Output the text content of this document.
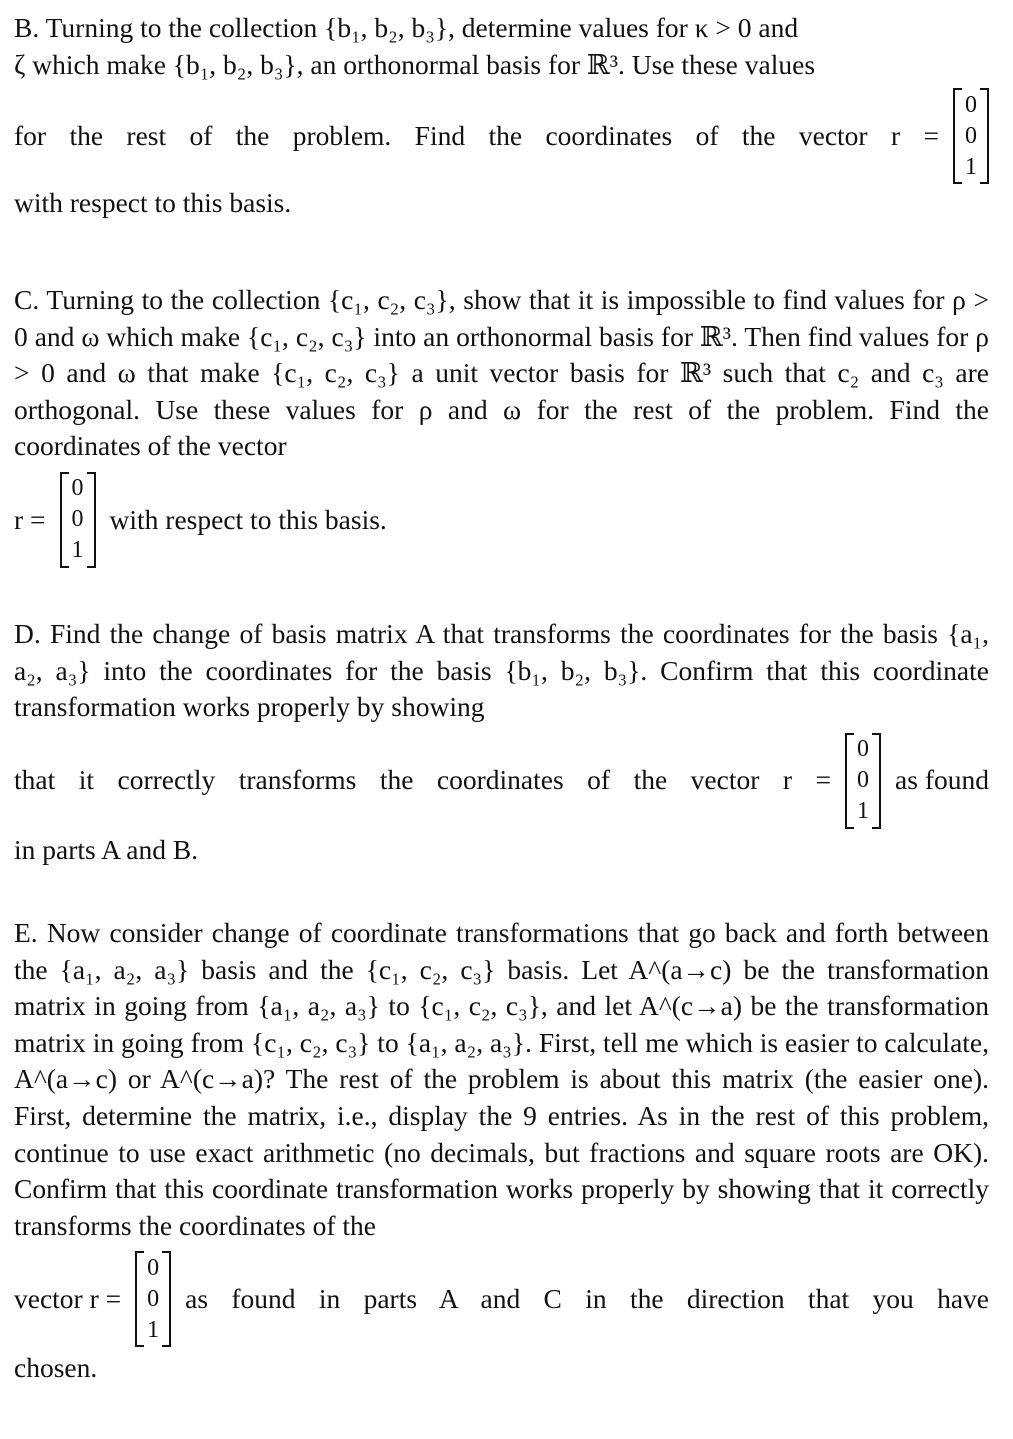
B. Turning to the collection {b₁, b₂, b₃}, determine values for κ > 0 and
ζ which make {b₁, b₂, b₃}, an orthonormal basis for ℝ³. Use these values

for the rest of the problem. Find the coordinates of the vector r =
0
0
1

with respect to this basis.

C. Turning to the collection {c₁, c₂, c₃}, show that it is impossible to find values for ρ > 0 and ω which make {c₁, c₂, c₃} into an orthonormal basis for ℝ³. Then find values for ρ > 0 and ω that make {c₁, c₂, c₃} a unit vector basis for ℝ³ such that c₂ and c₃ are orthogonal. Use these values for ρ and ω for the rest of the problem. Find the coordinates of the vector

r =
0
0
1
with respect to this basis.

D. Find the change of basis matrix A that transforms the coordinates for the basis {a₁, a₂, a₃} into the coordinates for the basis {b₁, b₂, b₃}. Confirm that this coordinate transformation works properly by showing

that it correctly transforms the coordinates of the vector r =
0
0
1
as found

in parts A and B.

E. Now consider change of coordinate transformations that go back and forth between the {a₁, a₂, a₃} basis and the {c₁, c₂, c₃} basis. Let A^(a→c) be the transformation matrix in going from {a₁, a₂, a₃} to {c₁, c₂, c₃}, and let A^(c→a) be the transformation matrix in going from {c₁, c₂, c₃} to {a₁, a₂, a₃}. First, tell me which is easier to calculate, A^(a→c) or A^(c→a)? The rest of the problem is about this matrix (the easier one). First, determine the matrix, i.e., display the 9 entries. As in the rest of this problem, continue to use exact arithmetic (no decimals, but fractions and square roots are OK). Confirm that this coordinate transformation works properly by showing that it correctly transforms the coordinates of the

vector r =
0
0
1
as found in parts A and C in the direction that you have

chosen.
